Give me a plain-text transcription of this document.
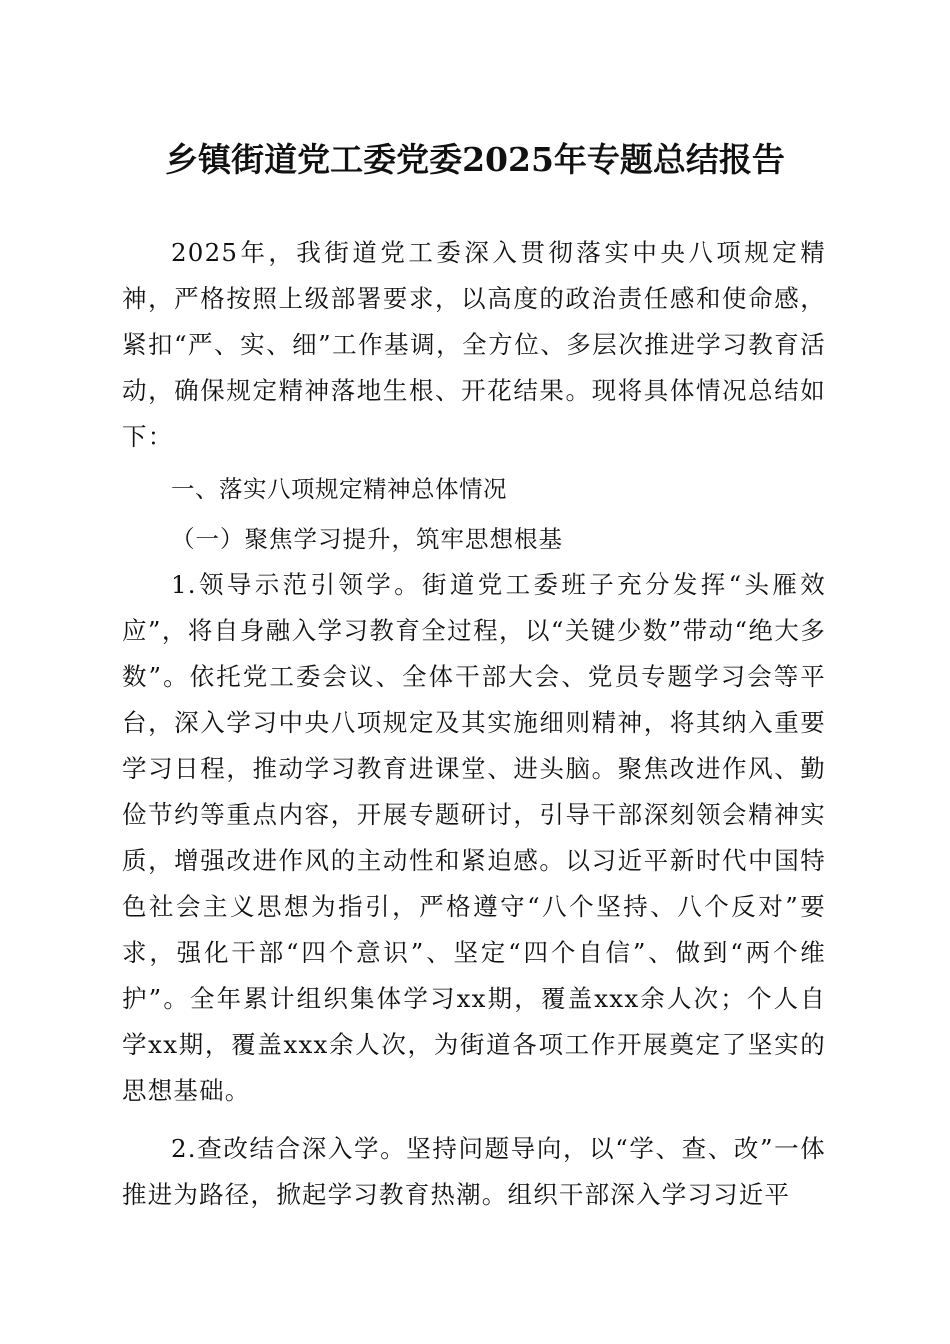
乡镇街道党工委党委2025年专题总结报告

2025年，我街道党工委深入贯彻落实中央八项规定精神，严格按照上级部署要求，以高度的政治责任感和使命感，紧扣“严、实、细”工作基调，全方位、多层次推进学习教育活动，确保规定精神落地生根、开花结果。现将具体情况总结如下：

一、落实八项规定精神总体情况

（一）聚焦学习提升，筑牢思想根基

1.领导示范引领学。街道党工委班子充分发挥“头雁效应”，将自身融入学习教育全过程，以“关键少数”带动“绝大多数”。依托党工委会议、全体干部大会、党员专题学习会等平台，深入学习中央八项规定及其实施细则精神，将其纳入重要学习日程，推动学习教育进课堂、进头脑。聚焦改进作风、勤俭节约等重点内容，开展专题研讨，引导干部深刻领会精神实质，增强改进作风的主动性和紧迫感。以习近平新时代中国特色社会主义思想为指引，严格遵守“八个坚持、八个反对”要求，强化干部“四个意识”、坚定“四个自信”、做到“两个维护”。全年累计组织集体学习xx期，覆盖xxx余人次；个人自学xx期，覆盖xxx余人次，为街道各项工作开展奠定了坚实的思想基础。

2.查改结合深入学。坚持问题导向，以“学、查、改”一体推进为路径，掀起学习教育热潮。组织干部深入学习习近平
